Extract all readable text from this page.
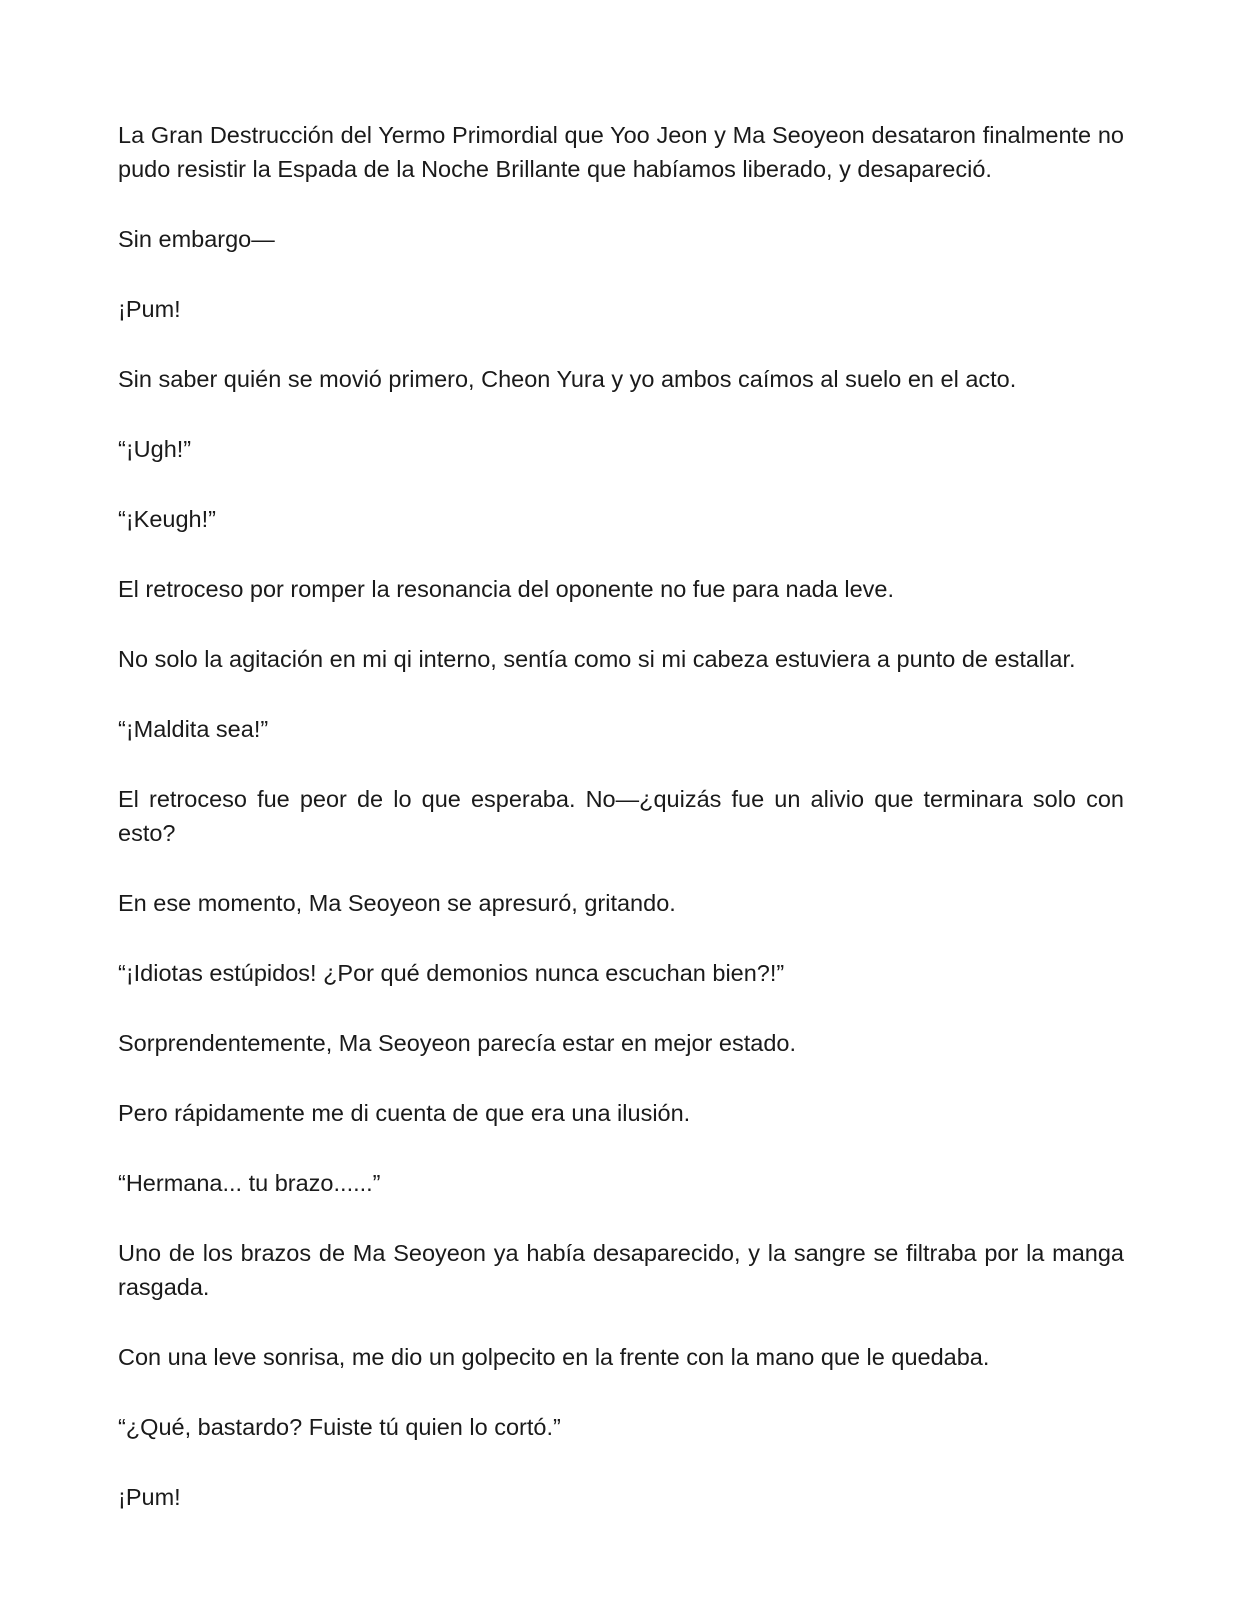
La Gran Destrucción del Yermo Primordial que Yoo Jeon y Ma Seoyeon desataron finalmente no pudo resistir la Espada de la Noche Brillante que habíamos liberado, y desapareció.

Sin embargo—

¡Pum!

Sin saber quién se movió primero, Cheon Yura y yo ambos caímos al suelo en el acto.

“¡Ugh!”

“¡Keugh!”

El retroceso por romper la resonancia del oponente no fue para nada leve.

No solo la agitación en mi qi interno, sentía como si mi cabeza estuviera a punto de estallar.

“¡Maldita sea!”

El retroceso fue peor de lo que esperaba. No—¿quizás fue un alivio que terminara solo con esto?

En ese momento, Ma Seoyeon se apresuró, gritando.

“¡Idiotas estúpidos! ¿Por qué demonios nunca escuchan bien?!”

Sorprendentemente, Ma Seoyeon parecía estar en mejor estado.

Pero rápidamente me di cuenta de que era una ilusión.

“Hermana... tu brazo......”

Uno de los brazos de Ma Seoyeon ya había desaparecido, y la sangre se filtraba por la manga rasgada.

Con una leve sonrisa, me dio un golpecito en la frente con la mano que le quedaba.

“¿Qué, bastardo? Fuiste tú quien lo cortó.”

¡Pum!
